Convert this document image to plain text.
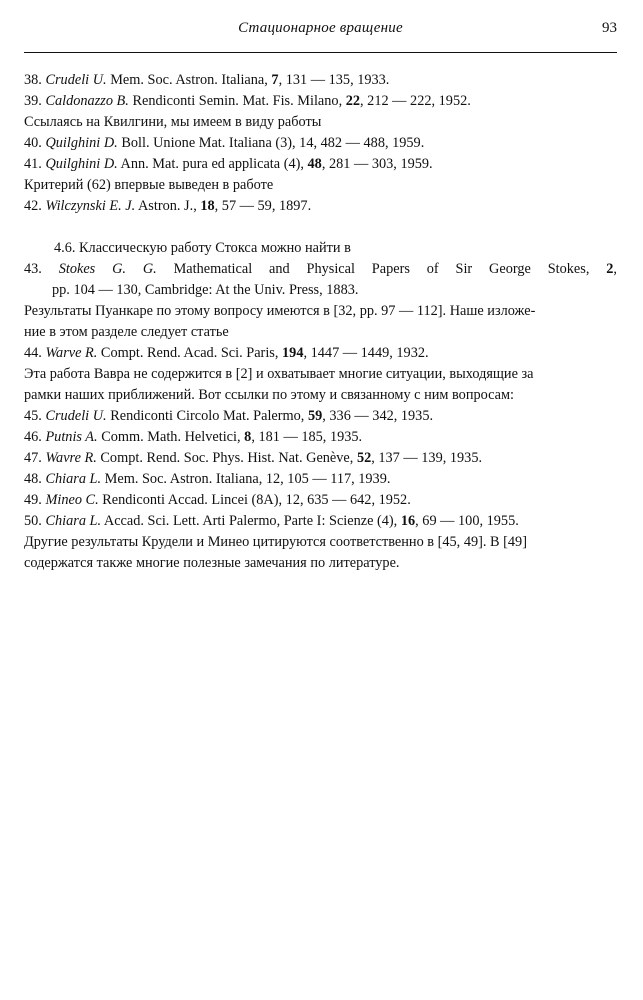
Стационарное вращение	93
38. Crudeli U. Mem. Soc. Astron. Italiana, 7, 131 — 135, 1933.
39. Caldonazzo B. Rendiconti Semin. Mat. Fis. Milano, 22, 212 — 222, 1952.
Ссылаясь на Квилгини, мы имеем в виду работы
40. Quilghini D. Boll. Unione Mat. Italiana (3), 14, 482 — 488, 1959.
41. Quilghini D. Ann. Mat. pura ed applicata (4), 48, 281 — 303, 1959.
Критерий (62) впервые выведен в работе
42. Wilczynski E. J. Astron. J., 18, 57 — 59, 1897.
4.6. Классическую работу Стокса можно найти в
43. Stokes G. G. Mathematical and Physical Papers of Sir George Stokes, 2,
pp. 104 — 130, Cambridge: At the Univ. Press, 1883.
Результаты Пуанкаре по этому вопросу имеются в [32, pp. 97 — 112]. Наше изложе-
ние в этом разделе следует статье
44. Warve R. Compt. Rend. Acad. Sci. Paris, 194, 1447 — 1449, 1932.
Эта работа Вавра не содержится в [2] и охватывает многие ситуации, выходящие за
рамки наших приближений. Вот ссылки по этому и связанному с ним вопросам:
45. Crudeli U. Rendiconti Circolo Mat. Palermo, 59, 336 — 342, 1935.
46. Putnis A. Comm. Math. Helvetici, 8, 181 — 185, 1935.
47. Wavre R. Compt. Rend. Soc. Phys. Hist. Nat. Genève, 52, 137 — 139, 1935.
48. Chiara L. Mem. Soc. Astron. Italiana, 12, 105 — 117, 1939.
49. Mineo C. Rendiconti Accad. Lincei (8A), 12, 635 — 642, 1952.
50. Chiara L. Accad. Sci. Lett. Arti Palermo, Parte I: Scienze (4), 16, 69 — 100, 1955.
Другие результаты Крудели и Минео цитируются соответственно в [45, 49]. В [49]
содержатся также многие полезные замечания по литературе.
